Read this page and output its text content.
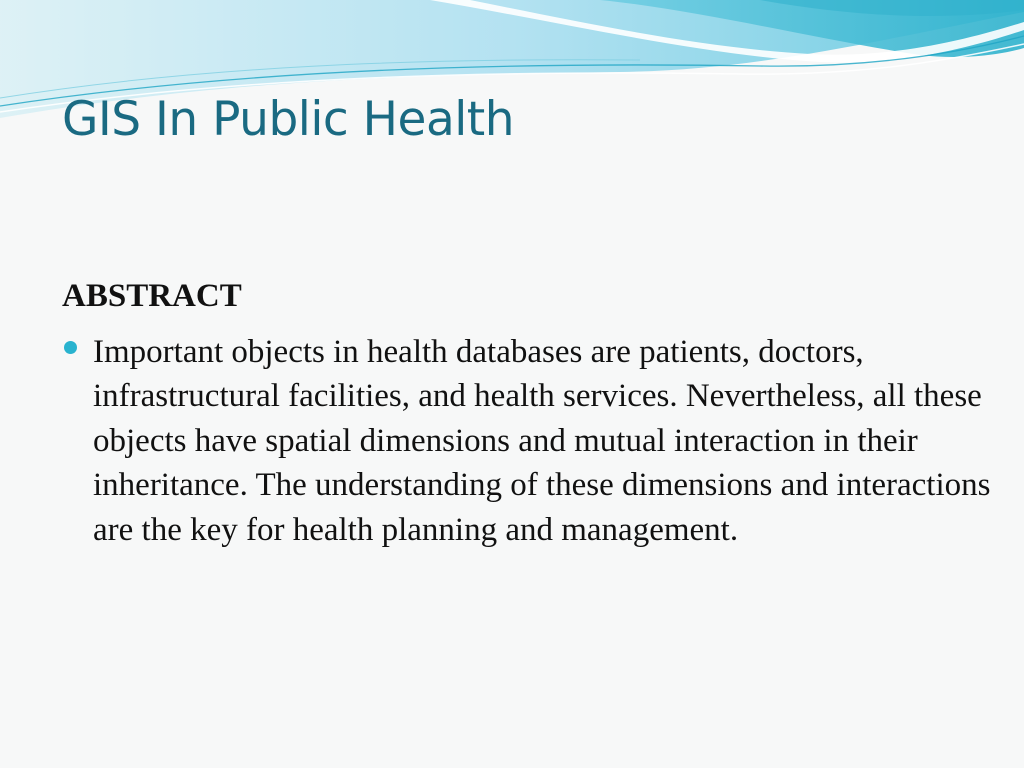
GIS In Public Health
ABSTRACT

Important objects in health databases are patients, doctors, infrastructural facilities, and health services. Nevertheless, all these objects have spatial dimensions and mutual interaction in their inheritance. The understanding of these dimensions and interactions are the key for health planning and management.
